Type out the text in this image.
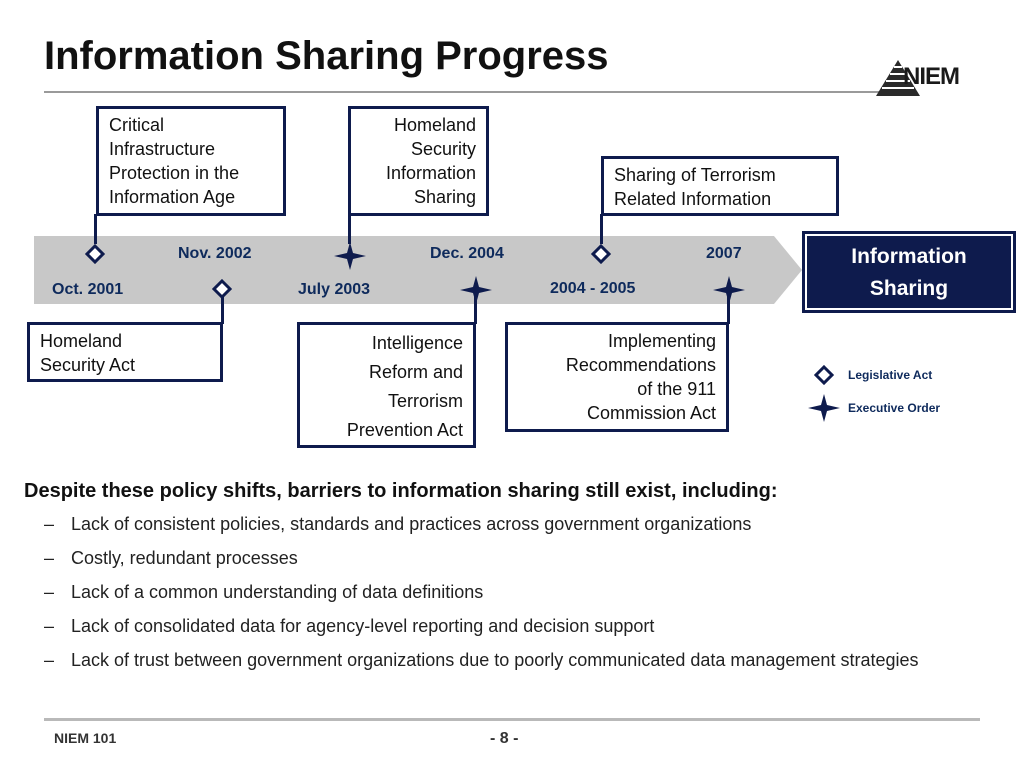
Information Sharing Progress	NIEM
Oct. 2001
Nov. 2002
July 2003
Dec. 2004
2004 - 2005
2007
Critical
Infrastructure
Protection in the
Information Age
Homeland
Security
Information
Sharing
Sharing of Terrorism
Related Information
Homeland
Security Act
Intelligence
Reform and
Terrorism
Prevention Act
Implementing
Recommendations
of the 911
Commission Act
Information
Sharing
Legislative Act
Executive Order
Despite these policy shifts, barriers to information sharing still exist, including:
– Lack of consistent policies, standards and practices across government organizations
– Costly, redundant processes
– Lack of a common understanding of data definitions
– Lack of consolidated data for agency-level reporting and decision support
– Lack of trust between government organizations due to poorly communicated data management strategies
NIEM 101	- 8 -
